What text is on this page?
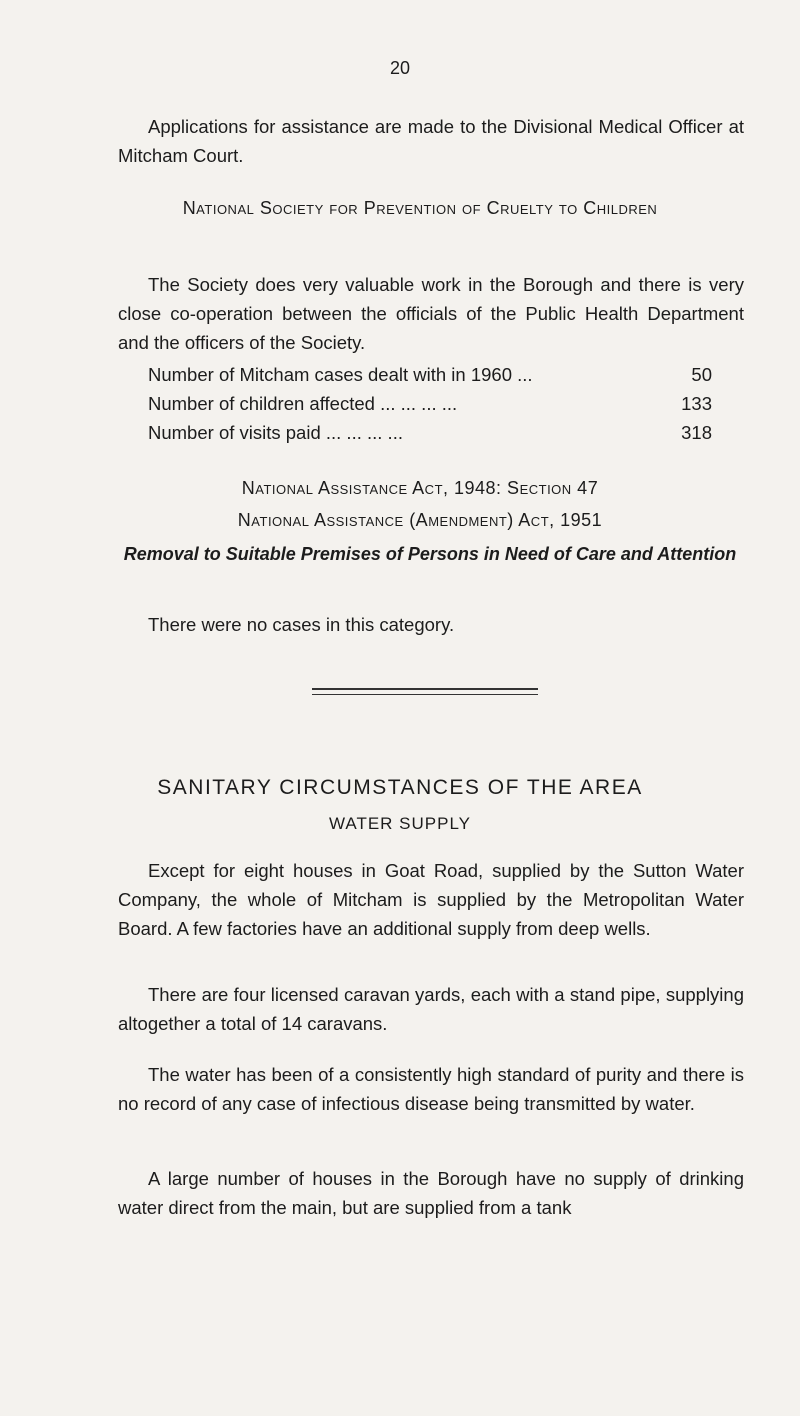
20

Applications for assistance are made to the Divisional Medical Officer at Mitcham Court.

National Society for Prevention of Cruelty to Children

The Society does very valuable work in the Borough and there is very close co-operation between the officials of the Public Health Department and the officers of the Society.

Number of Mitcham cases dealt with in 1960 ...	50
Number of children affected ... ... ... ...	133
Number of visits paid ... ... ... ...	318

National Assistance Act, 1948: Section 47

National Assistance (Amendment) Act, 1951

Removal to Suitable Premises of Persons in Need of Care and Attention

There were no cases in this category.

SANITARY CIRCUMSTANCES OF THE AREA
WATER SUPPLY

Except for eight houses in Goat Road, supplied by the Sutton Water Company, the whole of Mitcham is supplied by the Metropolitan Water Board. A few factories have an additional supply from deep wells.

There are four licensed caravan yards, each with a stand pipe, supplying altogether a total of 14 caravans.

The water has been of a consistently high standard of purity and there is no record of any case of infectious disease being transmitted by water.

A large number of houses in the Borough have no supply of drinking water direct from the main, but are supplied from a tank
